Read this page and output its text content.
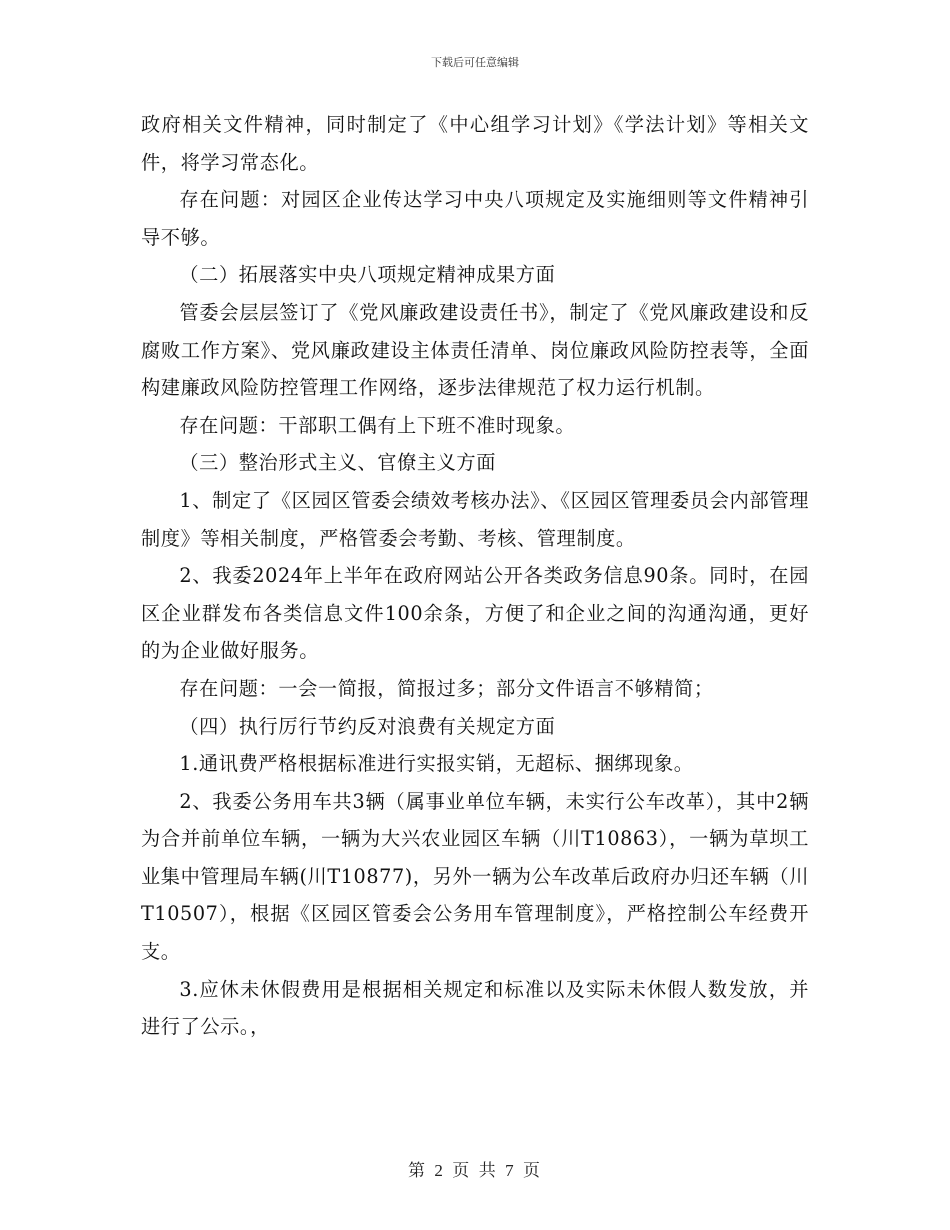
下载后可任意编辑

政府相关文件精神，同时制定了《中心组学习计划》《学法计划》等相关文件，将学习常态化。

存在问题：对园区企业传达学习中央八项规定及实施细则等文件精神引导不够。

（二）拓展落实中央八项规定精神成果方面

管委会层层签订了《党风廉政建设责任书》，制定了《党风廉政建设和反腐败工作方案》、党风廉政建设主体责任清单、岗位廉政风险防控表等，全面构建廉政风险防控管理工作网络，逐步法律规范了权力运行机制。

存在问题：干部职工偶有上下班不准时现象。

（三）整治形式主义、官僚主义方面

1、制定了《区园区管委会绩效考核办法》、《区园区管理委员会内部管理制度》等相关制度，严格管委会考勤、考核、管理制度。

2、我委2024年上半年在政府网站公开各类政务信息90条。同时，在园区企业群发布各类信息文件100余条，方便了和企业之间的沟通沟通，更好的为企业做好服务。

存在问题：一会一简报，简报过多；部分文件语言不够精简；

（四）执行厉行节约反对浪费有关规定方面

1.通讯费严格根据标准进行实报实销，无超标、捆绑现象。

2、我委公务用车共3辆（属事业单位车辆，未实行公车改革），其中2辆为合并前单位车辆，一辆为大兴农业园区车辆（川T10863），一辆为草坝工业集中管理局车辆(川T10877)，另外一辆为公车改革后政府办归还车辆（川T10507），根据《区园区管委会公务用车管理制度》，严格控制公车经费开支。

3.应休未休假费用是根据相关规定和标准以及实际未休假人数发放，并进行了公示。，

第 2 页 共 7 页
